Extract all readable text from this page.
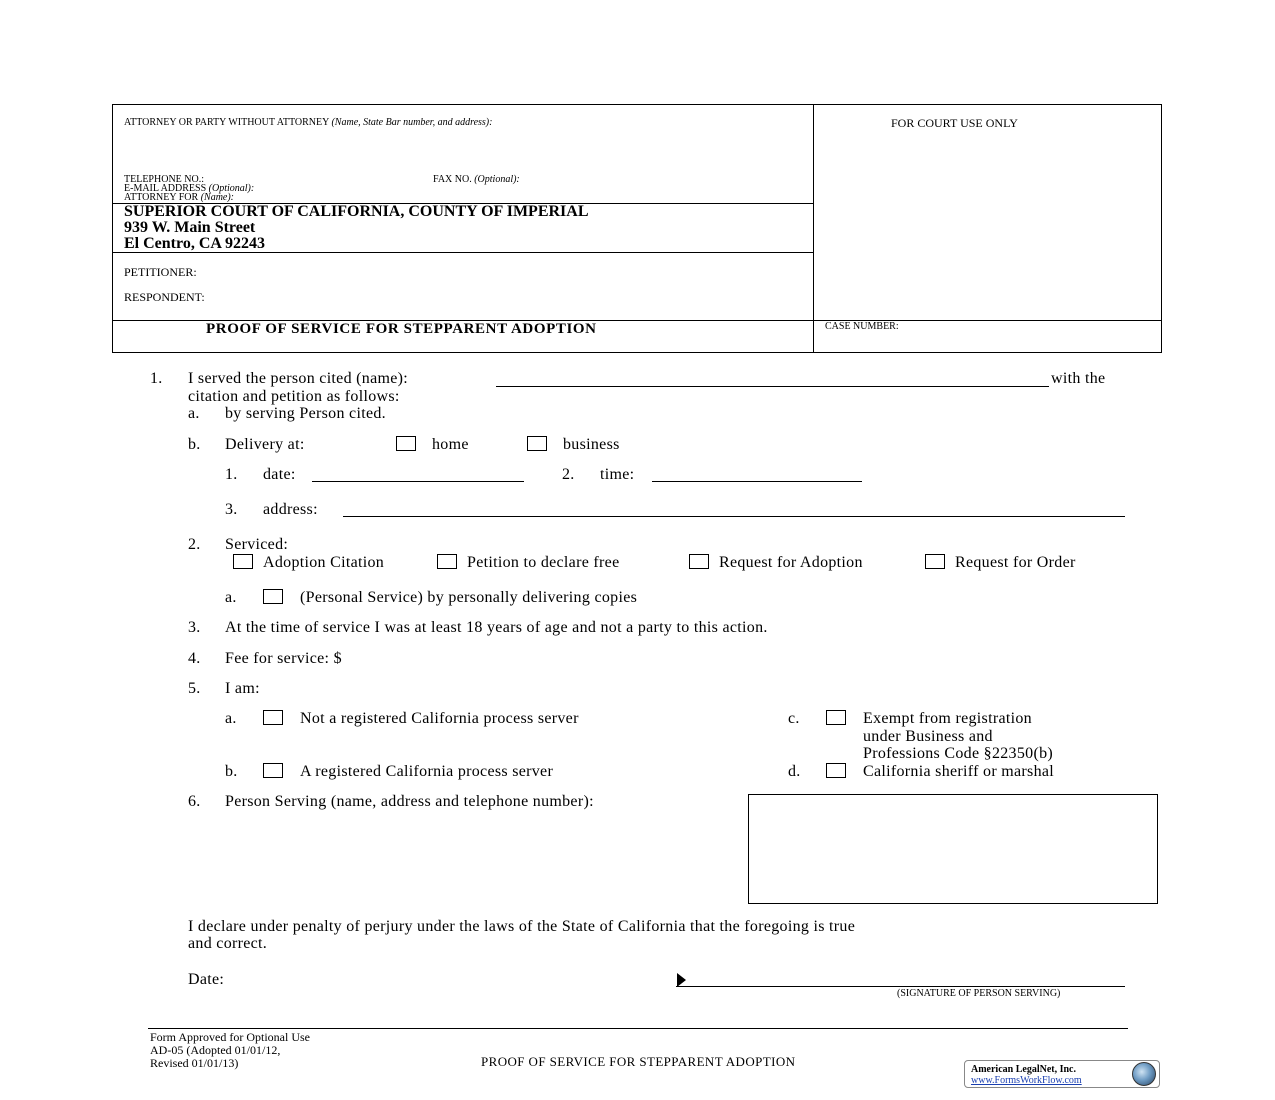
ATTORNEY OR PARTY WITHOUT ATTORNEY (Name, State Bar number, and address):	FOR COURT USE ONLY
TELEPHONE NO.:	FAX NO. (Optional):
E-MAIL ADDRESS (Optional):
ATTORNEY FOR (Name):
SUPERIOR COURT OF CALIFORNIA, COUNTY OF IMPERIAL
939 W. Main Street
El Centro, CA 92243
PETITIONER:
RESPONDENT:
PROOF OF SERVICE FOR STEPPARENT ADOPTION	CASE NUMBER:
1. I served the person cited (name):	with the
citation and petition as follows:
a. by serving Person cited.
b. Delivery at:	home	business
1. date:	2. time:
3. address:
2. Serviced:
Adoption Citation	Petition to declare free	Request for Adoption	Request for Order
a.	(Personal Service) by personally delivering copies
3. At the time of service I was at least 18 years of age and not a party to this action.
4. Fee for service: $
5. I am:
a.	Not a registered California process server	c.	Exempt from registration
under Business and
Professions Code §22350(b)
b.	A registered California process server	d.	California sheriff or marshal
6. Person Serving (name, address and telephone number):
I declare under penalty of perjury under the laws of the State of California that the foregoing is true
and correct.
Date:
(SIGNATURE OF PERSON SERVING)
Form Approved for Optional Use
AD-05 (Adopted 01/01/12,
Revised 01/01/13)	PROOF OF SERVICE FOR STEPPARENT ADOPTION
American LegalNet, Inc.
www.FormsWorkFlow.com
